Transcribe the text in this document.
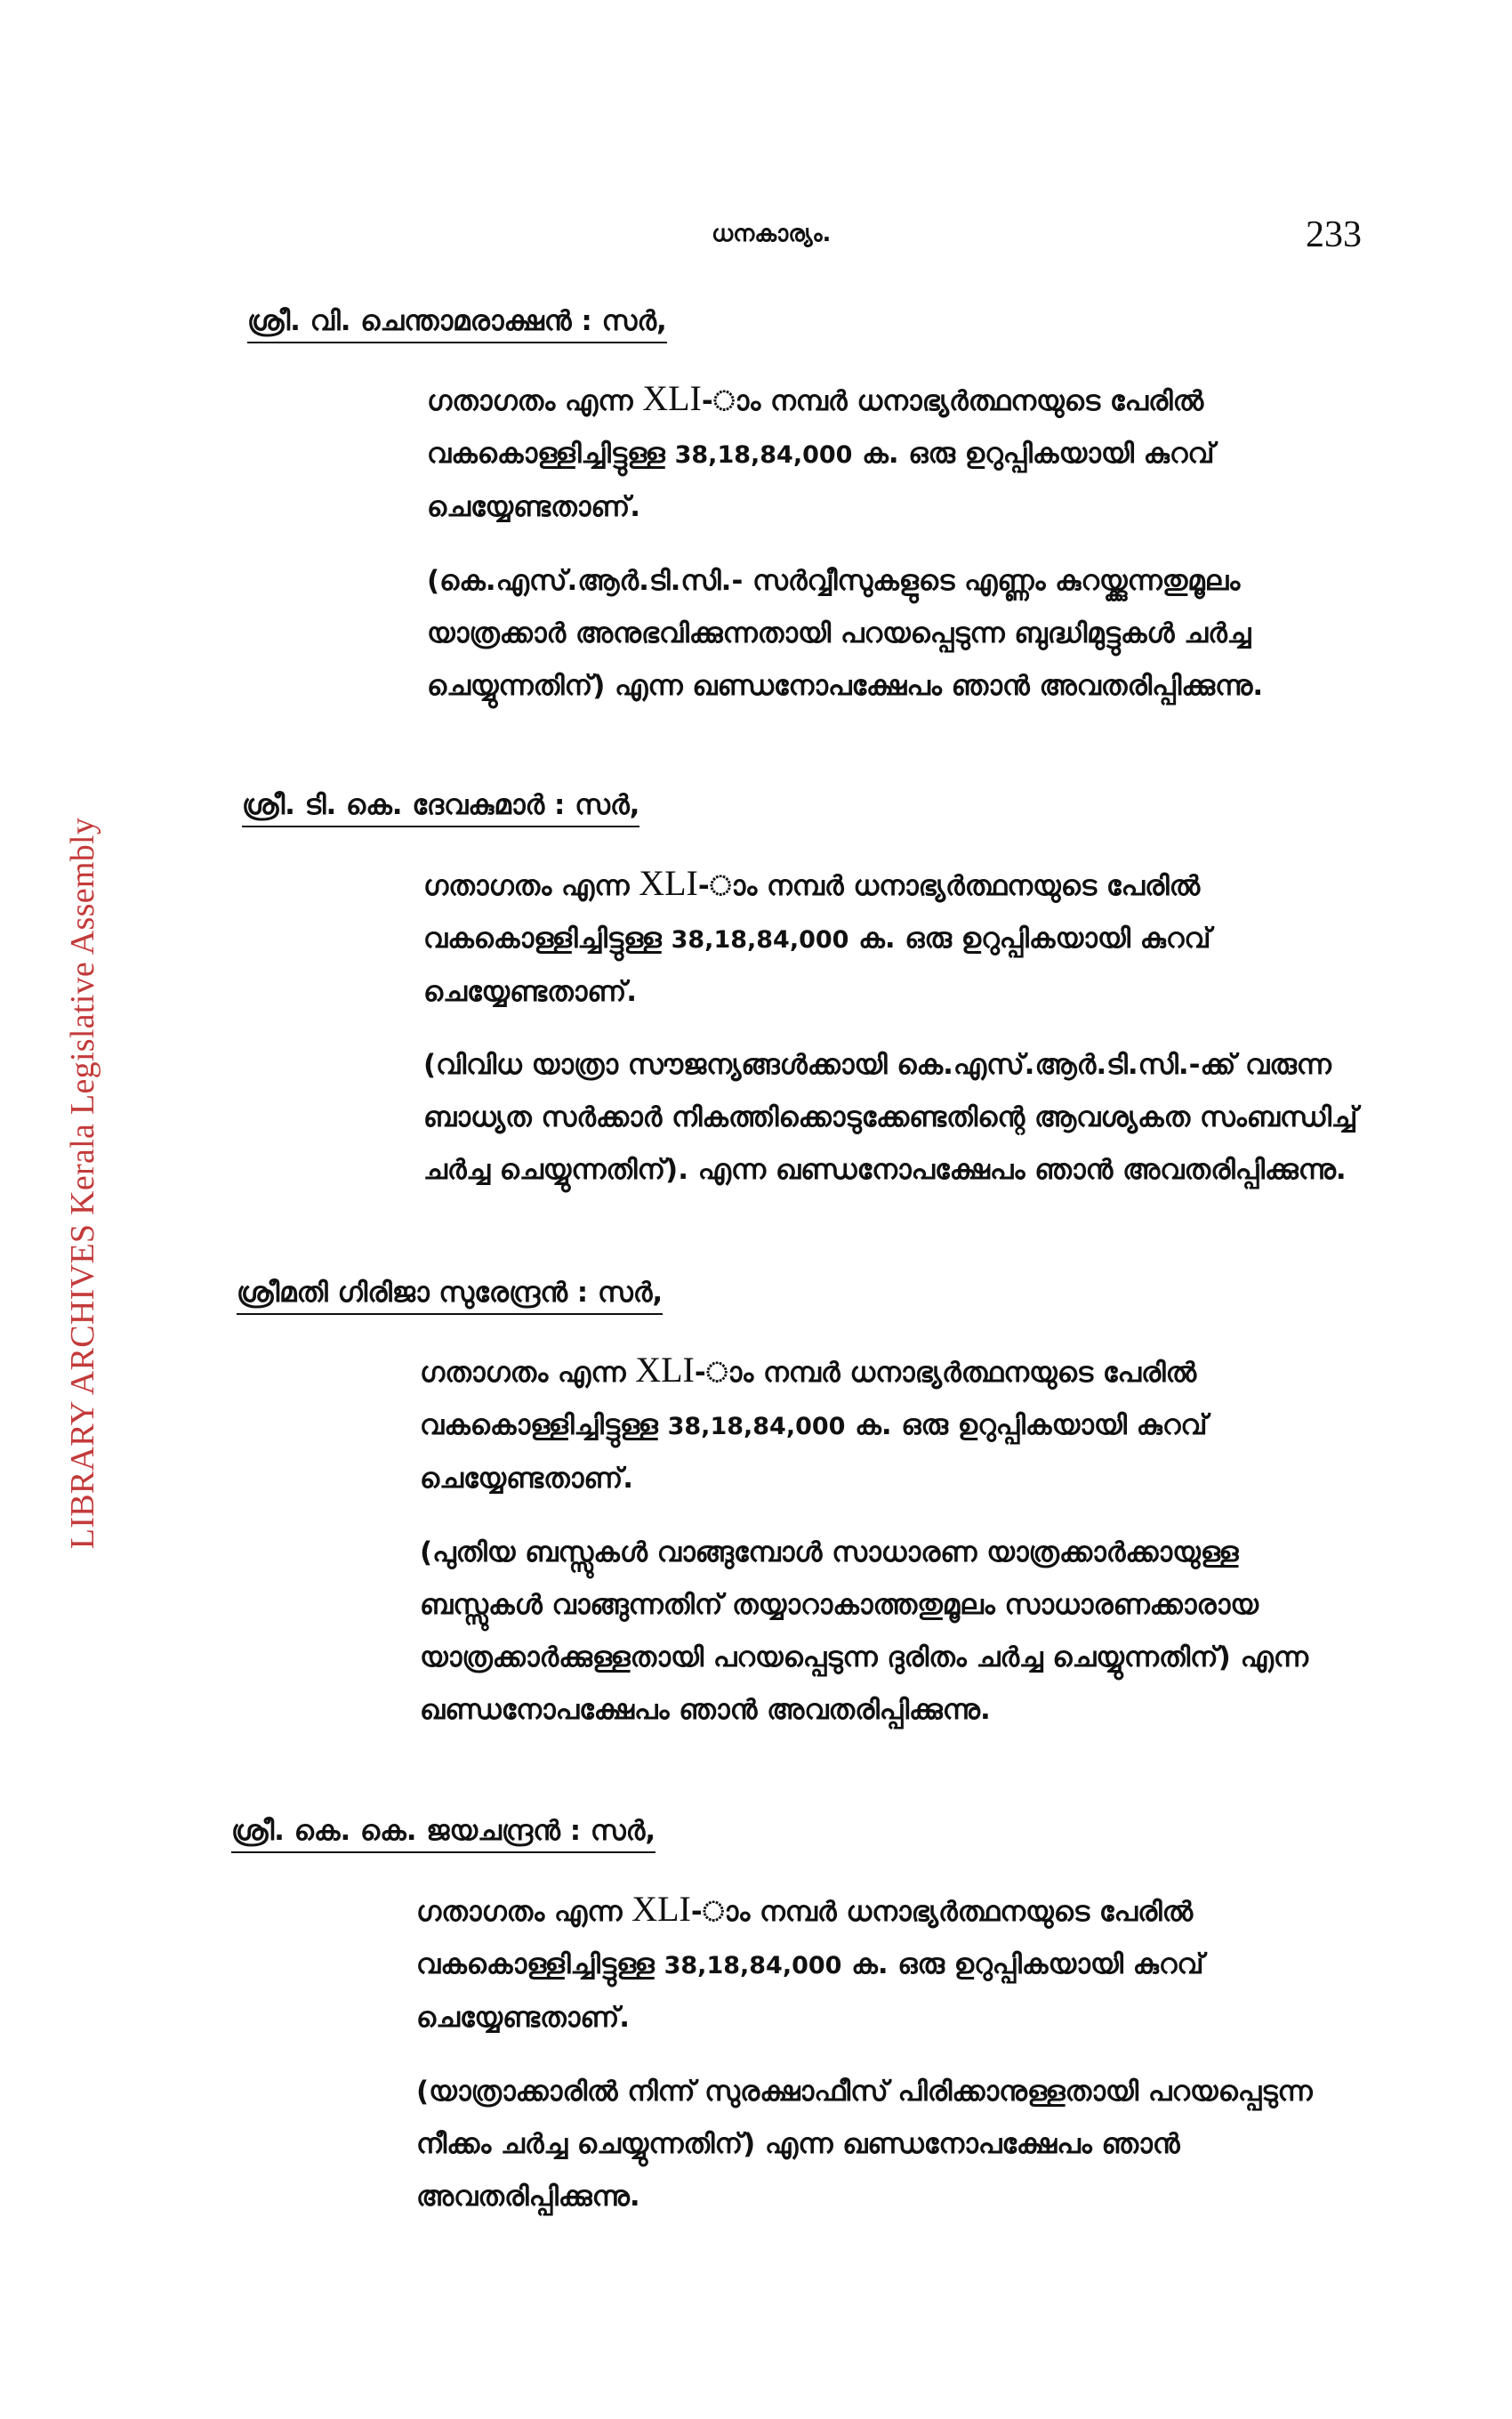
LIBRARY ARCHIVES Kerala Legislative Assembly
ധനകാര്യം.	233
ശ്രീ. വി. ചെന്താമരാക്ഷൻ : സർ,

ഗതാഗതം എന്ന XLI-ാം നമ്പർ ധനാഭ്യർത്ഥനയുടെ പേരിൽ വകകൊള്ളിച്ചിട്ടുള്ള 38,18,84,000 ക. ഒരു ഉറുപ്പികയായി കുറവ് ചെയ്യേണ്ടതാണ്.

(കെ.എസ്.ആർ.ടി.സി.- സർവ്വീസുകളുടെ എണ്ണം കുറയ്ക്കുന്നതുമൂലം യാത്രക്കാർ അനുഭവിക്കുന്നതായി പറയപ്പെടുന്ന ബുദ്ധിമുട്ടുകൾ ചർച്ച ചെയ്യുന്നതിന്) എന്ന ഖണ്ഡനോപക്ഷേപം ഞാൻ അവതരിപ്പിക്കുന്നു.

ശ്രീ. ടി. കെ. ദേവകുമാർ : സർ,

ഗതാഗതം എന്ന XLI-ാം നമ്പർ ധനാഭ്യർത്ഥനയുടെ പേരിൽ വകകൊള്ളിച്ചിട്ടുള്ള 38,18,84,000 ക. ഒരു ഉറുപ്പികയായി കുറവ് ചെയ്യേണ്ടതാണ്.

(വിവിധ യാത്രാ സൗജന്യങ്ങൾക്കായി കെ.എസ്.ആർ.ടി.സി.-ക്ക് വരുന്ന ബാധ്യത സർക്കാർ നികത്തിക്കൊടുക്കേണ്ടതിന്റെ ആവശ്യകത സംബന്ധിച്ച് ചർച്ച ചെയ്യുന്നതിന്). എന്ന ഖണ്ഡനോപക്ഷേപം ഞാൻ അവതരിപ്പിക്കുന്നു.

ശ്രീമതി ഗിരിജാ സുരേന്ദ്രൻ : സർ,

ഗതാഗതം എന്ന XLI-ാം നമ്പർ ധനാഭ്യർത്ഥനയുടെ പേരിൽ വകകൊള്ളിച്ചിട്ടുള്ള 38,18,84,000 ക. ഒരു ഉറുപ്പികയായി കുറവ് ചെയ്യേണ്ടതാണ്.

(പുതിയ ബസ്സുകൾ വാങ്ങുമ്പോൾ സാധാരണ യാത്രക്കാർക്കായുള്ള ബസ്സുകൾ വാങ്ങുന്നതിന് തയ്യാറാകാത്തതുമൂലം സാധാരണക്കാരായ യാത്രക്കാർക്കുള്ളതായി പറയപ്പെടുന്ന ദുരിതം ചർച്ച ചെയ്യുന്നതിന്) എന്ന ഖണ്ഡനോപക്ഷേപം ഞാൻ അവതരിപ്പിക്കുന്നു.

ശ്രീ. കെ. കെ. ജയചന്ദ്രൻ : സർ,

ഗതാഗതം എന്ന XLI-ാം നമ്പർ ധനാഭ്യർത്ഥനയുടെ പേരിൽ വകകൊള്ളിച്ചിട്ടുള്ള 38,18,84,000 ക. ഒരു ഉറുപ്പികയായി കുറവ് ചെയ്യേണ്ടതാണ്.

(യാത്രാക്കാരിൽ നിന്ന് സുരക്ഷാഫീസ് പിരിക്കാനുള്ളതായി പറയപ്പെടുന്ന നീക്കം ചർച്ച ചെയ്യുന്നതിന്) എന്ന ഖണ്ഡനോപക്ഷേപം ഞാൻ അവതരിപ്പിക്കുന്നു.
